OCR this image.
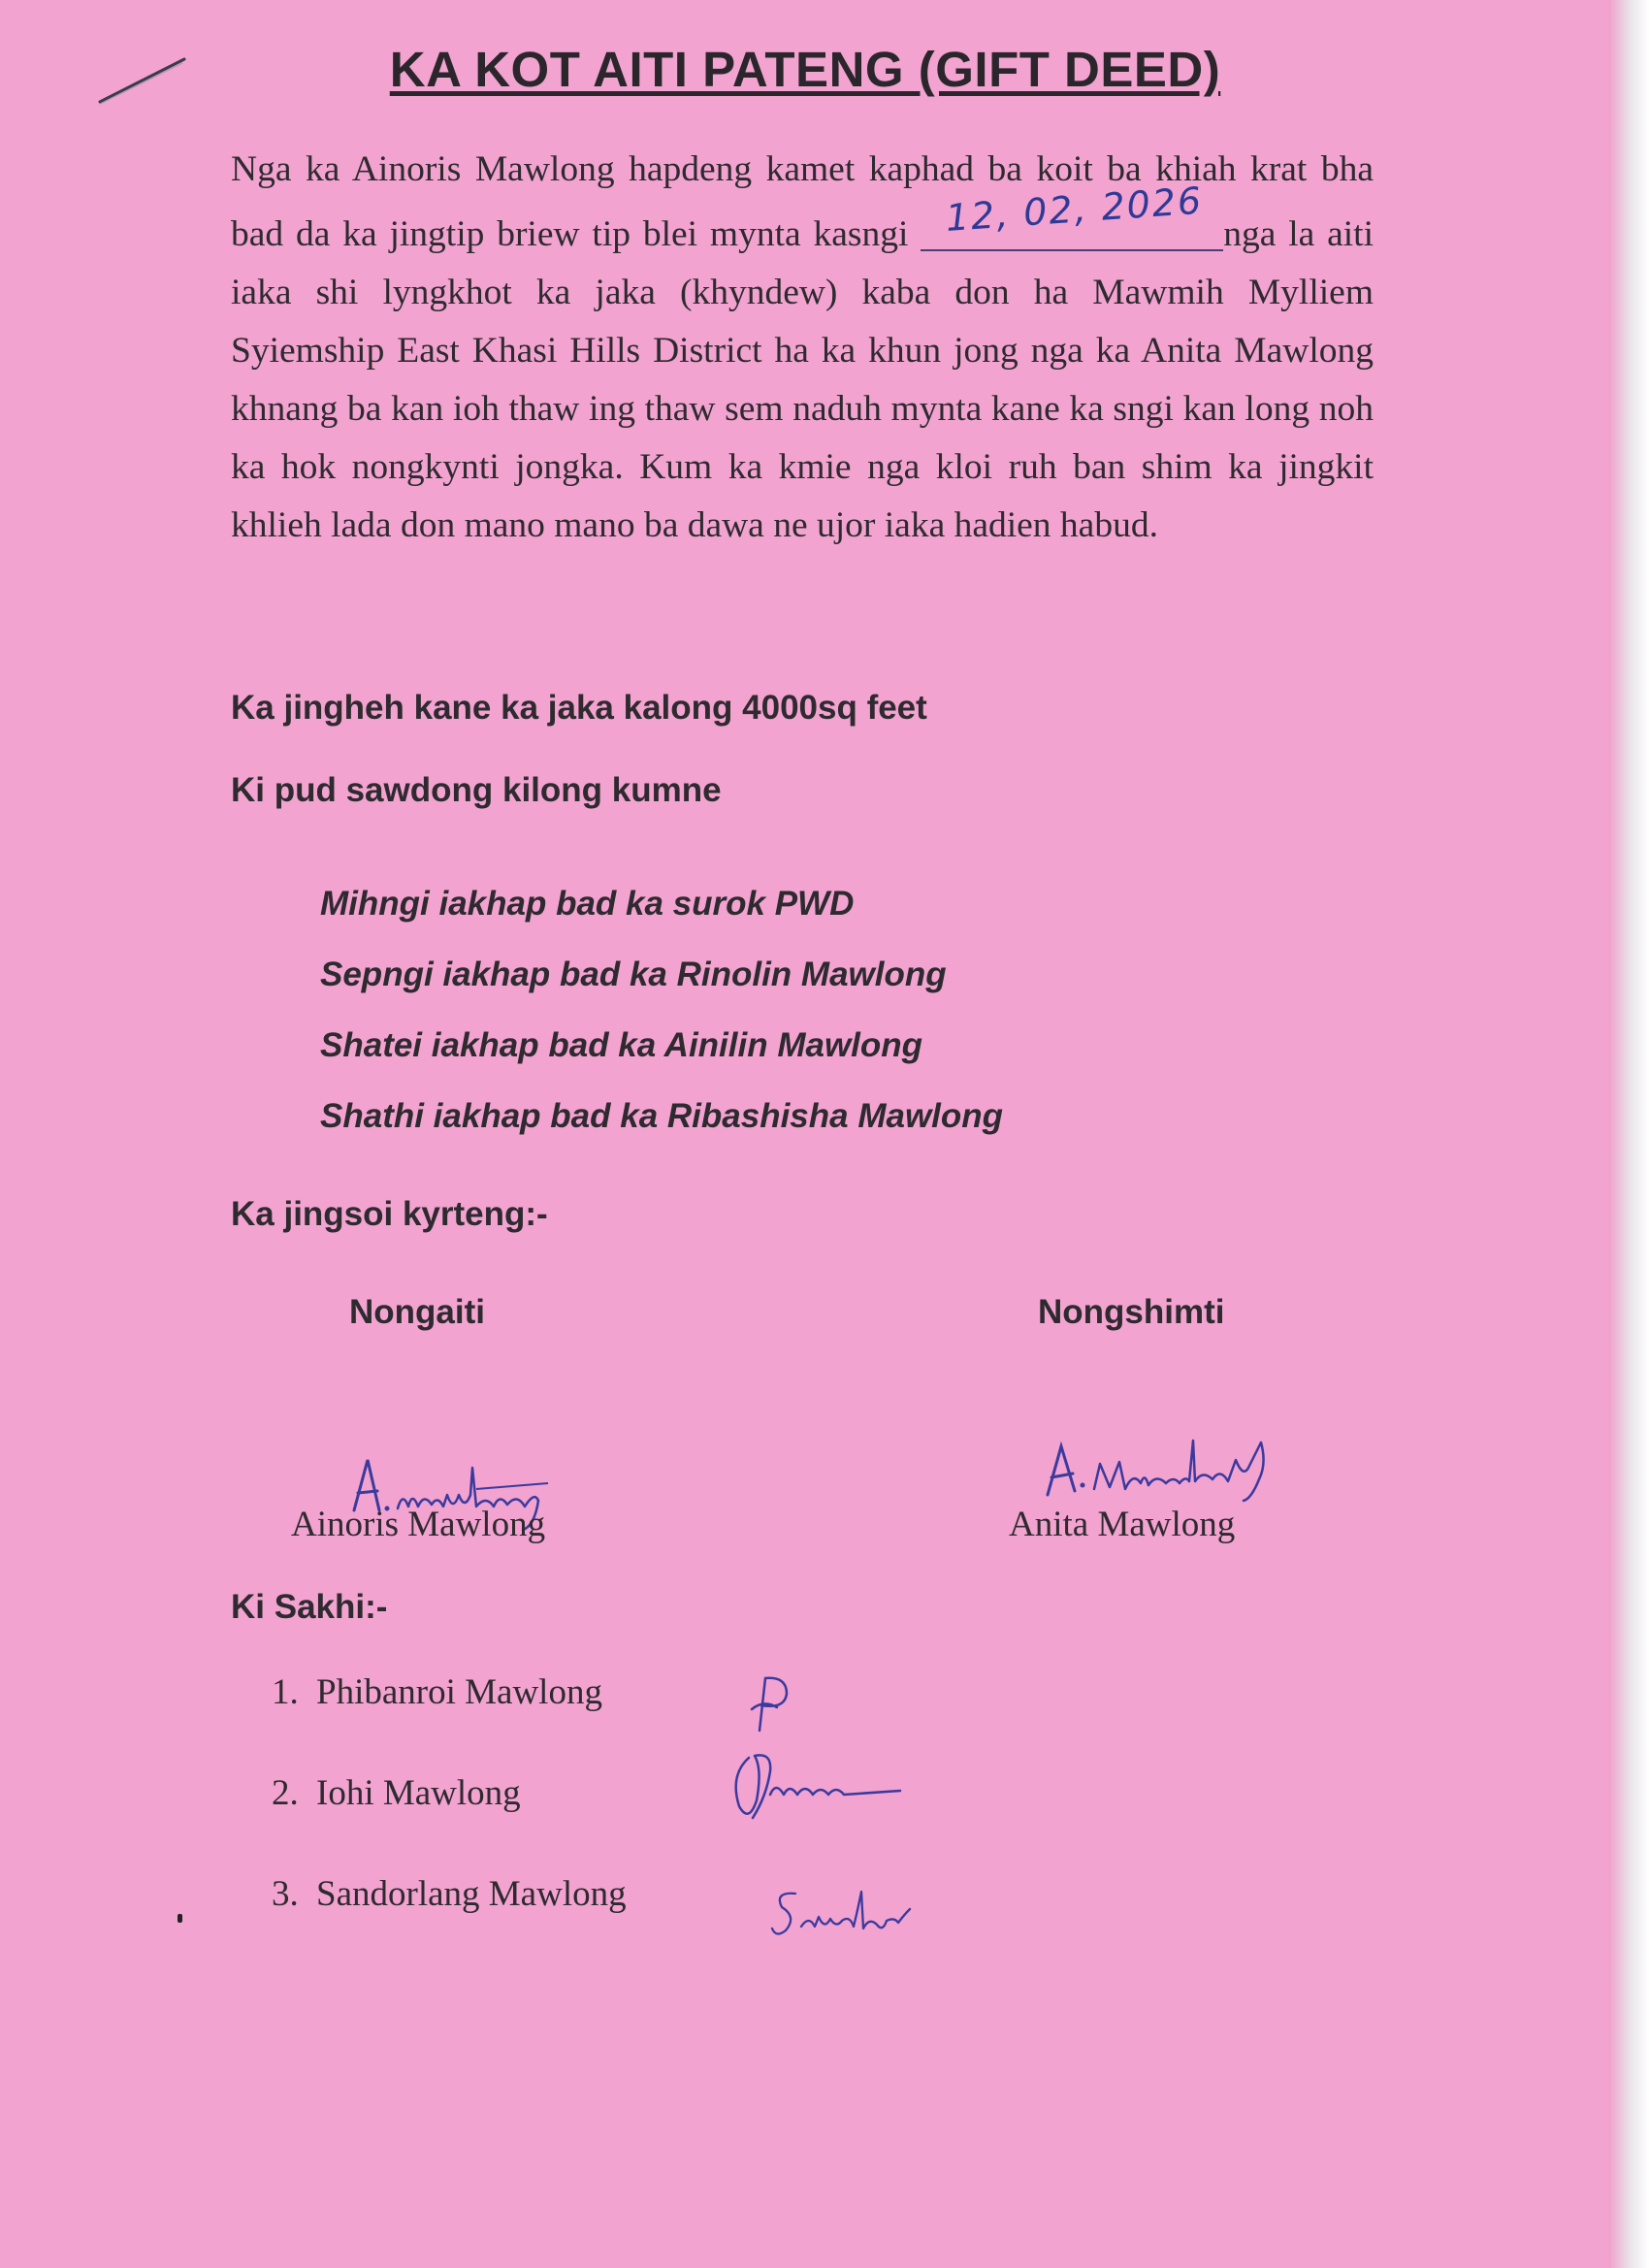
KA KOT AITI PATENG (GIFT DEED)

Nga ka Ainoris Mawlong hapdeng kamet kaphad ba koit ba khiah krat bha bad da ka jingtip briew tip blei mynta kasngi 12, 02, 2026 nga la aiti iaka shi lyngkhot ka jaka (khyndew) kaba don ha Mawmih Mylliem Syiemship East Khasi Hills District ha ka khun jong nga ka Anita Mawlong khnang ba kan ioh thaw ing thaw sem naduh mynta kane ka sngi kan long noh ka hok nongkynti jongka. Kum ka kmie nga kloi ruh ban shim ka jingkit khlieh lada don mano mano ba dawa ne ujor iaka hadien habud.

Ka jingheh kane ka jaka kalong 4000sq feet

Ki pud sawdong kilong kumne

Mihngi iakhap bad ka surok PWD

Sepngi iakhap bad ka Rinolin Mawlong

Shatei iakhap bad ka Ainilin Mawlong

Shathi iakhap bad ka Ribashisha Mawlong

Ka jingsoi kyrteng:-

Nongaiti	Nongshimti
Ainoris Mawlong	Anita Mawlong

Ki Sakhi:-

1. Phibanroi Mawlong
2. Iohi Mawlong
3. Sandorlang Mawlong
